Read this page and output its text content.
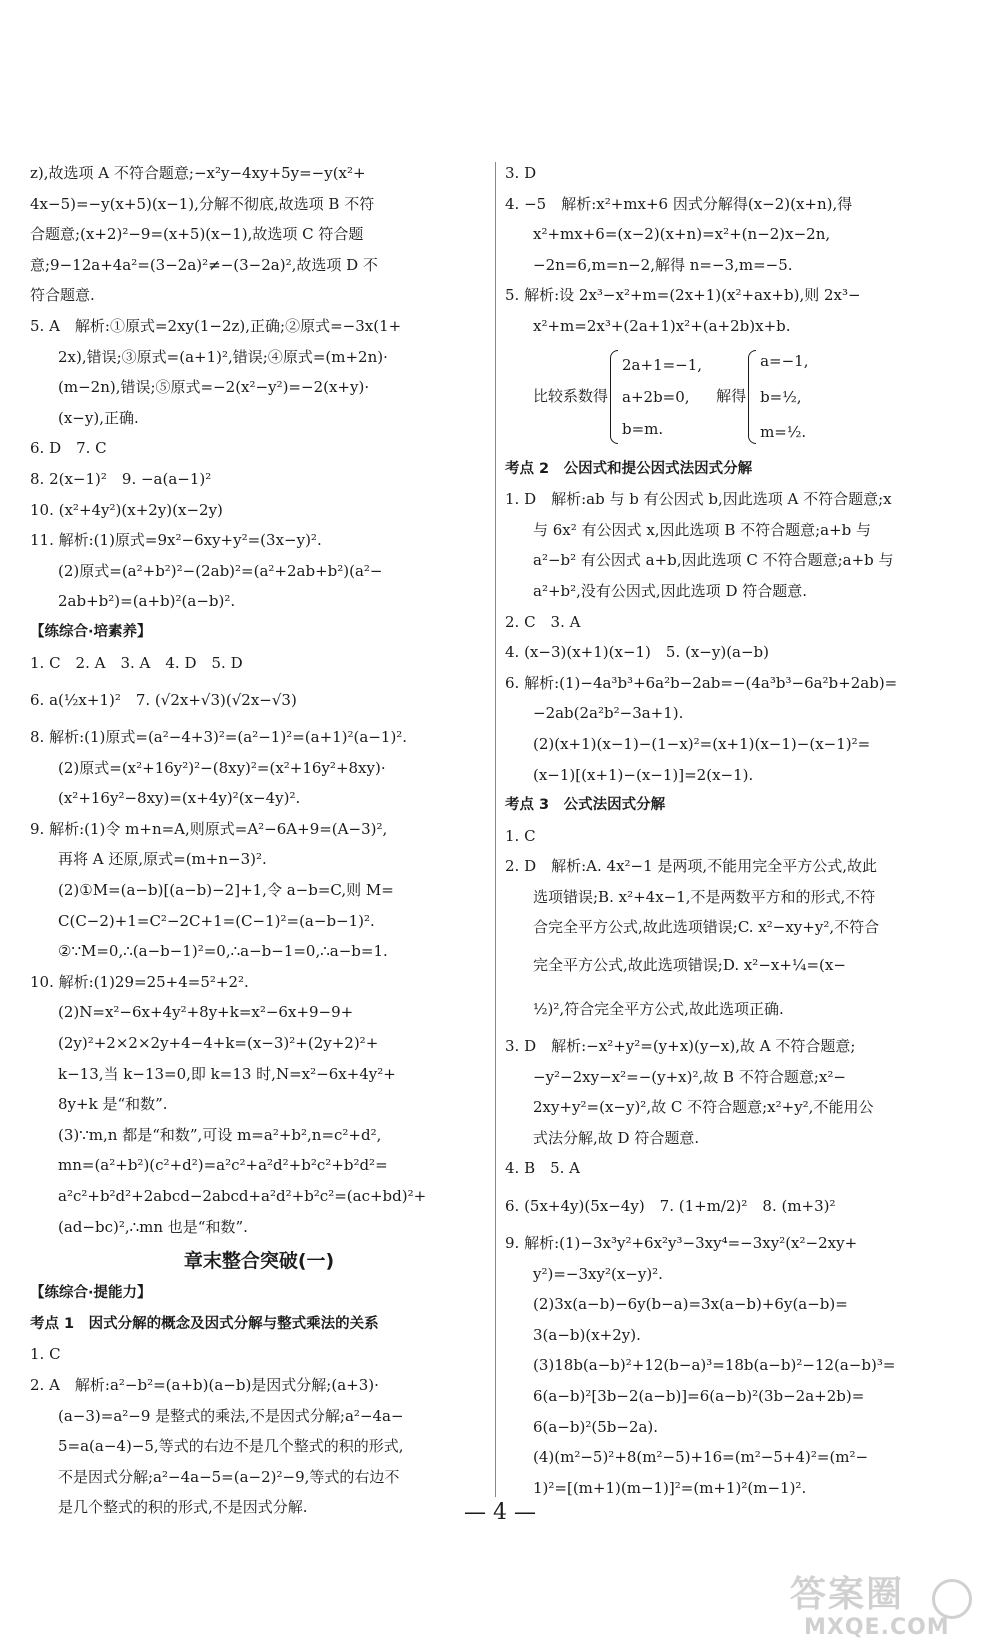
z),故选项 A 不符合题意;−x²y−4xy+5y=−y(x²+
4x−5)=−y(x+5)(x−1),分解不彻底,故选项 B 不符
合题意;(x+2)²−9=(x+5)(x−1),故选项 C 符合题
意;9−12a+4a²=(3−2a)²≠−(3−2a)²,故选项 D 不
符合题意.
5. A　解析:①原式=2xy(1−2z),正确;②原式=−3x(1+
2x),错误;③原式=(a+1)²,错误;④原式=(m+2n)·
(m−2n),错误;⑤原式=−2(x²−y²)=−2(x+y)·
(x−y),正确.
6. D　7. C
8. 2(x−1)²　9. −a(a−1)²
10. (x²+4y²)(x+2y)(x−2y)
11. 解析:(1)原式=9x²−6xy+y²=(3x−y)².
(2)原式=(a²+b²)²−(2ab)²=(a²+2ab+b²)(a²−
2ab+b²)=(a+b)²(a−b)².
【练综合·培素养】
1. C　2. A　3. A　4. D　5. D
6. a(½x+1)²　7. (√2x+√3)(√2x−√3)
8. 解析:(1)原式=(a²−4+3)²=(a²−1)²=(a+1)²(a−1)².
(2)原式=(x²+16y²)²−(8xy)²=(x²+16y²+8xy)·
(x²+16y²−8xy)=(x+4y)²(x−4y)².
9. 解析:(1)令 m+n=A,则原式=A²−6A+9=(A−3)²,
再将 A 还原,原式=(m+n−3)².
(2)①M=(a−b)[(a−b)−2]+1,令 a−b=C,则 M=
C(C−2)+1=C²−2C+1=(C−1)²=(a−b−1)².
②∵M=0,∴(a−b−1)²=0,∴a−b−1=0,∴a−b=1.
10. 解析:(1)29=25+4=5²+2².
(2)N=x²−6x+4y²+8y+k=x²−6x+9−9+
(2y)²+2×2×2y+4−4+k=(x−3)²+(2y+2)²+
k−13,当 k−13=0,即 k=13 时,N=x²−6x+4y²+
8y+k 是“和数”.
(3)∵m,n 都是“和数”,可设 m=a²+b²,n=c²+d²,
mn=(a²+b²)(c²+d²)=a²c²+a²d²+b²c²+b²d²=
a²c²+b²d²+2abcd−2abcd+a²d²+b²c²=(ac+bd)²+
(ad−bc)²,∴mn 也是“和数”.
章末整合突破(一)
【练综合·提能力】
考点 1　因式分解的概念及因式分解与整式乘法的关系
1. C
2. A　解析:a²−b²=(a+b)(a−b)是因式分解;(a+3)·
(a−3)=a²−9 是整式的乘法,不是因式分解;a²−4a−
5=a(a−4)−5,等式的右边不是几个整式的积的形式,
不是因式分解;a²−4a−5=(a−2)²−9,等式的右边不
是几个整式的积的形式,不是因式分解.
3. D
4. −5　解析:x²+mx+6 因式分解得(x−2)(x+n),得
x²+mx+6=(x−2)(x+n)=x²+(n−2)x−2n,
−2n=6,m=n−2,解得 n=−3,m=−5.
5. 解析:设 2x³−x²+m=(2x+1)(x²+ax+b),则 2x³−
x²+m=2x³+(2a+1)x²+(a+2b)x+b.
比较系数得
2a+1=−1,
a+2b=0,
b=m.
解得
a=−1,
b=½,
m=½.
考点 2　公因式和提公因式法因式分解
1. D　解析:ab 与 b 有公因式 b,因此选项 A 不符合题意;x
与 6x² 有公因式 x,因此选项 B 不符合题意;a+b 与
a²−b² 有公因式 a+b,因此选项 C 不符合题意;a+b 与
a²+b²,没有公因式,因此选项 D 符合题意.
2. C　3. A
4. (x−3)(x+1)(x−1)　5. (x−y)(a−b)
6. 解析:(1)−4a³b³+6a²b−2ab=−(4a³b³−6a²b+2ab)=
−2ab(2a²b²−3a+1).
(2)(x+1)(x−1)−(1−x)²=(x+1)(x−1)−(x−1)²=
(x−1)[(x+1)−(x−1)]=2(x−1).
考点 3　公式法因式分解
1. C
2. D　解析:A. 4x²−1 是两项,不能用完全平方公式,故此
选项错误;B. x²+4x−1,不是两数平方和的形式,不符
合完全平方公式,故此选项错误;C. x²−xy+y²,不符合
完全平方公式,故此选项错误;D. x²−x+¼=(x−
½)²,符合完全平方公式,故此选项正确.
3. D　解析:−x²+y²=(y+x)(y−x),故 A 不符合题意;
−y²−2xy−x²=−(y+x)²,故 B 不符合题意;x²−
2xy+y²=(x−y)²,故 C 不符合题意;x²+y²,不能用公
式法分解,故 D 符合题意.
4. B　5. A
6. (5x+4y)(5x−4y)　7. (1+m/2)²　8. (m+3)²
9. 解析:(1)−3x³y²+6x²y³−3xy⁴=−3xy²(x²−2xy+
y²)=−3xy²(x−y)².
(2)3x(a−b)−6y(b−a)=3x(a−b)+6y(a−b)=
3(a−b)(x+2y).
(3)18b(a−b)²+12(b−a)³=18b(a−b)²−12(a−b)³=
6(a−b)²[3b−2(a−b)]=6(a−b)²(3b−2a+2b)=
6(a−b)²(5b−2a).
(4)(m²−5)²+8(m²−5)+16=(m²−5+4)²=(m²−
1)²=[(m+1)(m−1)]²=(m+1)²(m−1)².
— 4 —
答案圈
MXQE.COM
